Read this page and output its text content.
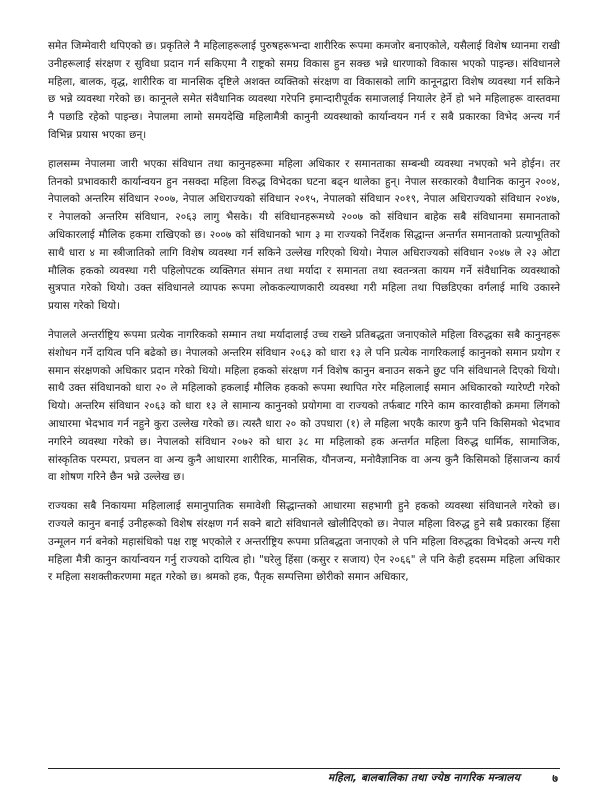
समेत जिम्मेवारी थपिएको छ। प्रकृतिले नै महिलाहरूलाई पुरुषहरूभन्दा शारीरिक रूपमा कमजोर बनाएकोले, यसैलाई विशेष ध्यानमा राखी उनीहरूलाई संरक्षण र सुविधा प्रदान गर्न सकिएमा नै राष्ट्रको समग्र विकास हुन सक्छ भन्ने धारणाको विकास भएको पाइन्छ। संविधानले महिला, बालक, वृद्ध, शारीरिक वा मानसिक दृष्टिले अशक्त व्यक्तिको संरक्षण वा विकासको लागि कानूनद्वारा विशेष व्यवस्था गर्न सकिने छ भन्ने व्यवस्था गरेको छ। कानूनले समेत संवैधानिक व्यवस्था गरेपनि इमान्दारीपूर्वक समाजलाई नियालेर हेर्ने हो भने महिलाहरू वास्तवमा नै पछाडि रहेको पाइन्छ। नेपालमा लामो समयदेखि महिलामैत्री कानुनी व्यवस्थाको कार्यान्वयन गर्न र सबै प्रकारका विभेद अन्त्य गर्न विभिन्न प्रयास भएका छन्।

हालसम्म नेपालमा जारी भएका संविधान तथा कानुनहरूमा महिला अधिकार र समानताका सम्बन्धी व्यवस्था नभएको भने होईन। तर तिनको प्रभावकारी कार्यान्वयन हुन नसक्दा महिला विरुद्ध विभेदका घटना बढ्न थालेका हुन्। नेपाल सरकारको वैधानिक कानुन २००४, नेपालको अन्तरिम संविधान २००७, नेपाल अधिराज्यको संविधान २०१५, नेपालको संविधान २०१९, नेपाल अधिराज्यको संविधान २०४७, र नेपालको अन्तरिम संविधान, २०६३ लागु भैसके। यी संविधानहरूमध्ये २००७ को संविधान बाहेक सबै संविधानमा समानताको अधिकारलाई मौलिक हकमा राखिएको छ। २००७ को संविधानको भाग ३ मा राज्यको निर्देशक सिद्धान्त अन्तर्गत समानताको प्रत्याभूतिको साथै धारा ४ मा स्त्रीजातिको लागि विशेष व्यवस्था गर्न सकिने उल्लेख गरिएको थियो। नेपाल अधिराज्यको संविधान २०४७ ले २३ ओटा मौलिक हकको व्यवस्था गरी पहिलोपटक व्यक्तिगत संमान तथा मर्यादा र समानता तथा स्वतन्त्रता कायम गर्ने संवैधानिक व्यवस्थाको सुत्रपात गरेको थियो। उक्त संविधानले व्यापक रूपमा लोककल्याणकारी व्यवस्था गरी महिला तथा पिछडिएका वर्गलाई माथि उकास्ने प्रयास गरेको थियो।

नेपालले अन्तर्राष्ट्रिय रूपमा प्रत्येक नागरिकको सम्मान तथा मर्यादालाई उच्च राख्ने प्रतिबद्धता जनाएकोले महिला विरुद्धका सबै कानुनहरू संशोधन गर्ने दायित्व पनि बढेको छ। नेपालको अन्तरिम संविधान २०६३ को धारा १३ ले पनि प्रत्येक नागरिकलाई कानुनको समान प्रयोग र समान संरक्षणको अधिकार प्रदान गरेको थियो। महिला हकको संरक्षण गर्न विशेष कानुन बनाउन सकने छुट पनि संविधानले दिएको थियो। साथै उक्त संविधानको धारा २० ले महिलाको हकलाई मौलिक हकको रूपमा स्थापित गरेर महिलालाई समान अधिकारको ग्यारेण्टी गरेको थियो। अन्तरिम संविधान २०६३ को धारा १३ ले सामान्य कानुनको प्रयोगमा वा राज्यको तर्फबाट गरिने काम कारवाहीको क्रममा लिंगको आधारमा भेदभाव गर्न नहुने कुरा उल्लेख गरेको छ। त्यस्तै धारा २० को उपधारा (१) ले महिला भएकै कारण कुनै पनि किसिमको भेदभाव नगरिने व्यवस्था गरेको छ। नेपालको संविधान २०७२ को धारा ३८ मा महिलाको हक अन्तर्गत महिला विरुद्ध धार्मिक, सामाजिक, सांस्कृतिक परम्परा, प्रचलन वा अन्य कुनै आधारमा शारीरिक, मानसिक, यौनजन्य, मनोवैज्ञानिक वा अन्य कुनै किसिमको हिंसाजन्य कार्य वा शोषण गरिने छैन भन्ने उल्लेख छ।

राज्यका सबै निकायमा महिलालाई समानुपातिक समावेशी सिद्धान्तको आधारमा सहभागी हुने हकको व्यवस्था संविधानले गरेको छ। राज्यले कानुन बनाई उनीहरूको विशेष संरक्षण गर्न सक्ने बाटो संविधानले खोलीदिएको छ। नेपाल महिला विरुद्ध हुने सबै प्रकारका हिंसा उन्मूलन गर्न बनेको महासंधिको पक्ष राष्ट्र भएकोले र अन्तर्राष्ट्रिय रूपमा प्रतिबद्धता जनाएको ले पनि महिला विरुद्धका विभेदको अन्त्य गरी महिला मैत्री कानुन कार्यान्वयन गर्नु राज्यको दायित्व हो। "घरेलु हिंसा (कसुर र सजाय) ऐन २०६६" ले पनि केही हदसम्म महिला अधिकार र महिला सशक्तीकरणमा मद्दत गरेको छ। श्रमको हक, पैतृक सम्पत्तिमा छोरीको समान अधिकार,

महिला, बालबालिका तथा ज्येष्ठ नागरिक मन्त्रालय	७
